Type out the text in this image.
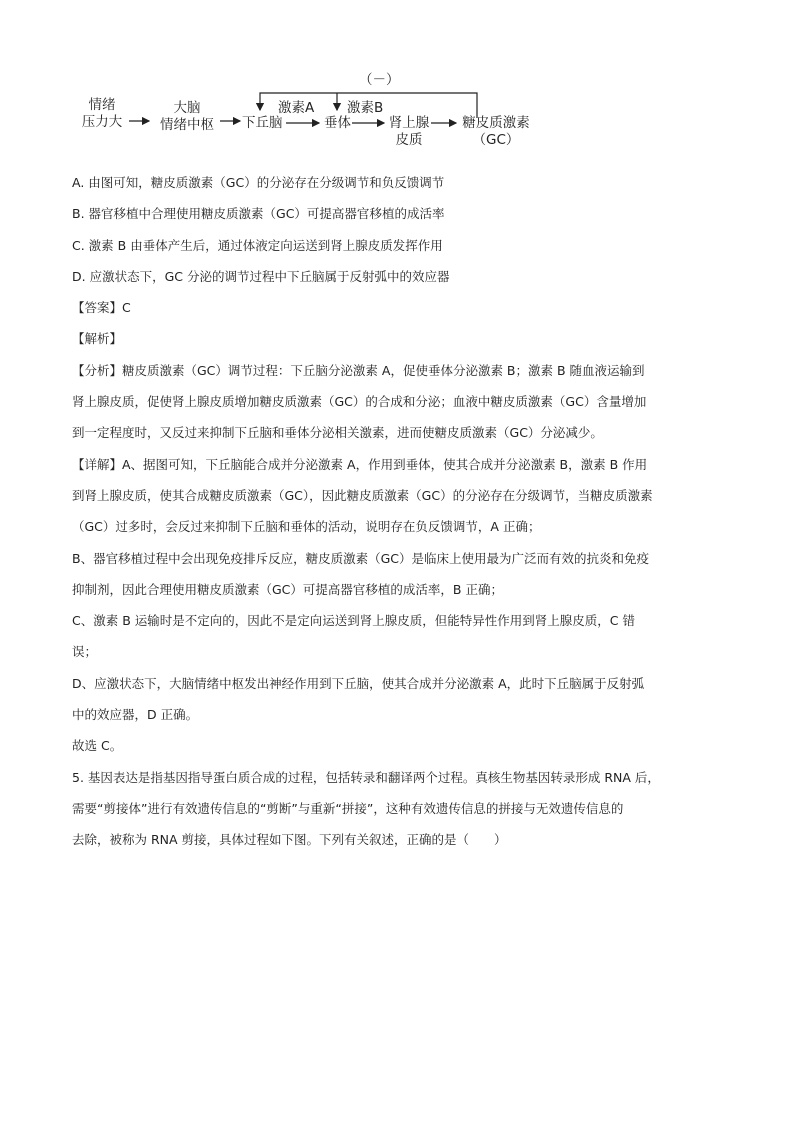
（－）
情绪
压力大
大脑
情绪中枢	下丘脑
激素A 激素B
垂体	肾上腺
皮质
糖皮质激素
（GC）
A. 由图可知，糖皮质激素（GC）的分泌存在分级调节和负反馈调节
B. 器官移植中合理使用糖皮质激素（GC）可提高器官移植的成活率
C. 激素 B 由垂体产生后，通过体液定向运送到肾上腺皮质发挥作用
D. 应激状态下，GC 分泌的调节过程中下丘脑属于反射弧中的效应器
【答案】C
【解析】
【分析】糖皮质激素（GC）调节过程：下丘脑分泌激素 A，促使垂体分泌激素 B；激素 B 随血液运输到
肾上腺皮质，促使肾上腺皮质增加糖皮质激素（GC）的合成和分泌；血液中糖皮质激素（GC）含量增加
到一定程度时，又反过来抑制下丘脑和垂体分泌相关激素，进而使糖皮质激素（GC）分泌减少。
【详解】A、据图可知，下丘脑能合成并分泌激素 A，作用到垂体，使其合成并分泌激素 B，激素 B 作用
到肾上腺皮质，使其合成糖皮质激素（GC），因此糖皮质激素（GC）的分泌存在分级调节，当糖皮质激素
（GC）过多时，会反过来抑制下丘脑和垂体的活动，说明存在负反馈调节，A 正确；
B、器官移植过程中会出现免疫排斥反应，糖皮质激素（GC）是临床上使用最为广泛而有效的抗炎和免疫
抑制剂，因此合理使用糖皮质激素（GC）可提高器官移植的成活率，B 正确；
C、激素 B 运输时是不定向的，因此不是定向运送到肾上腺皮质，但能特异性作用到肾上腺皮质，C 错
误；
D、应激状态下，大脑情绪中枢发出神经作用到下丘脑，使其合成并分泌激素 A，此时下丘脑属于反射弧
中的效应器，D 正确。
故选 C。
5. 基因表达是指基因指导蛋白质合成的过程，包括转录和翻译两个过程。真核生物基因转录形成 RNA 后，
需要“剪接体”进行有效遗传信息的“剪断”与重新“拼接”，这种有效遗传信息的拼接与无效遗传信息的
去除，被称为 RNA 剪接，具体过程如下图。下列有关叙述，正确的是（　　）
